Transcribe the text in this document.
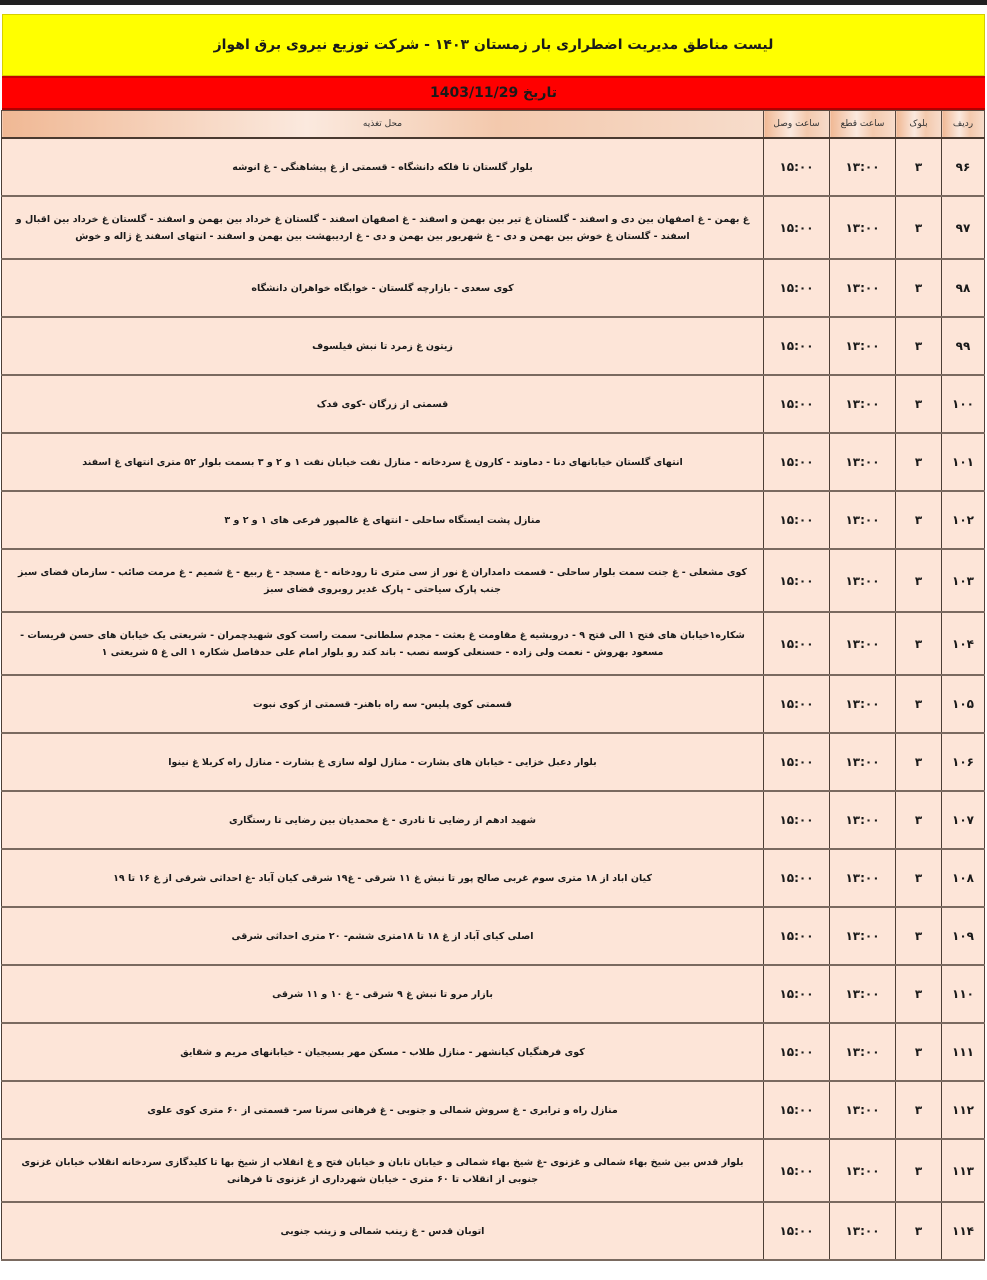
لیست مناطق مدیریت اضطراری بار زمستان ۱۴۰۳ - شرکت توزیع نیروی برق اهواز
تاریخ 1403/11/29
ردیف	بلوک	ساعت قطع	ساعت وصل	محل تغذیه
۹۶	۳	۱۳:۰۰	۱۵:۰۰	بلوار گلستان تا فلکه دانشگاه - قسمتی از غ پیشاهنگی - غ انوشه
۹۷	۳	۱۳:۰۰	۱۵:۰۰	غ بهمن - غ اصفهان بین دی و اسفند - گلستان غ تیر بین بهمن و اسفند - غ اصفهان اسفند - گلستان غ خرداد بین بهمن و اسفند - گلستان غ خرداد بین اقبال و اسفند - گلستان غ خوش بین بهمن و دی - غ شهریور بین بهمن و دی - غ اردیبهشت بین بهمن و اسفند - انتهای اسفند غ ژاله و خوش
۹۸	۳	۱۳:۰۰	۱۵:۰۰	کوی سعدی - بازارچه گلستان - خوابگاه خواهران دانشگاه
۹۹	۳	۱۳:۰۰	۱۵:۰۰	زیتون غ زمرد تا نبش فیلسوف
۱۰۰	۳	۱۳:۰۰	۱۵:۰۰	قسمتی از زرگان -کوی فدک
۱۰۱	۳	۱۳:۰۰	۱۵:۰۰	انتهای گلستان خیابانهای دنا - دماوند - کارون غ سردخانه - منازل نفت خیابان نفت ۱ و ۲ و ۳ بسمت بلوار ۵۲ متری انتهای غ اسفند
۱۰۲	۳	۱۳:۰۰	۱۵:۰۰	منازل پشت ایستگاه ساحلی - انتهای غ غالمپور فرعی های ۱ و ۲ و ۳
۱۰۳	۳	۱۳:۰۰	۱۵:۰۰	کوی مشعلی - غ جنت سمت بلوار ساحلی - قسمت دامداران غ نور از سی متری تا رودخانه - غ مسجد - غ ربیع - غ شمیم - غ مرمت صائب - سازمان فضای سبز جنب پارک سیاحتی - پارک غدیر روبروی فضای سبز
۱۰۴	۳	۱۳:۰۰	۱۵:۰۰	شکاره۱خیابان های فتح ۱ الی فتح ۹ - درویشیه غ مقاومت غ بعثت - مجدم سلطانی- سمت راست کوی شهیدچمران - شریعتی یک خیابان های حسن فریسات - مسعود بهروش - نعمت ولی زاده - حسنعلی کوسه نصب - باند کند رو بلوار امام علی حدفاصل شکاره ۱ الی غ ۵ شریعتی ۱
۱۰۵	۳	۱۳:۰۰	۱۵:۰۰	قسمتی کوی پلیس- سه راه باهنر- قسمتی از کوی نبوت
۱۰۶	۳	۱۳:۰۰	۱۵:۰۰	بلوار دعبل خزایی - خیابان های بشارت - منازل لوله سازی غ بشارت - منازل راه کربلا غ نینوا
۱۰۷	۳	۱۳:۰۰	۱۵:۰۰	شهید ادهم از رضایی تا نادری - غ محمدیان بین رضایی تا رستگاری
۱۰۸	۳	۱۳:۰۰	۱۵:۰۰	کیان اباد از ۱۸ متری سوم غربی صالح پور تا نبش غ ۱۱ شرقی - غ۱۹ شرقی کیان آباد -غ احداثی شرقی از غ ۱۶ تا ۱۹
۱۰۹	۳	۱۳:۰۰	۱۵:۰۰	اصلی کیای آباد از غ ۱۸ تا ۱۸متری ششم- ۲۰ متری احداثی شرقی
۱۱۰	۳	۱۳:۰۰	۱۵:۰۰	بازار مرو تا نبش غ ۹ شرقی - غ ۱۰ و ۱۱ شرقی
۱۱۱	۳	۱۳:۰۰	۱۵:۰۰	کوی فرهنگیان کیانشهر - منازل طلاب - مسکن مهر بسیجیان - خیابانهای مریم و شقایق
۱۱۲	۳	۱۳:۰۰	۱۵:۰۰	منازل راه و ترابری - غ سروش شمالی و جنوبی - غ فرهانی سرتا سر- قسمتی از ۶۰ متری کوی علوی
۱۱۳	۳	۱۳:۰۰	۱۵:۰۰	بلوار قدس بین شیخ بهاء شمالی و غزنوی -غ شیخ بهاء شمالی و خیابان تابان و خیابان فتح و غ انقلاب از شیخ بها تا کلیدگازی سردخانه انقلاب خیابان غزنوی جنوبی از انقلاب تا ۶۰ متری - خیابان شهرداری از غزنوی تا فرهانی
۱۱۴	۳	۱۳:۰۰	۱۵:۰۰	اتوبان قدس - غ زینب شمالی و زینب جنوبی
